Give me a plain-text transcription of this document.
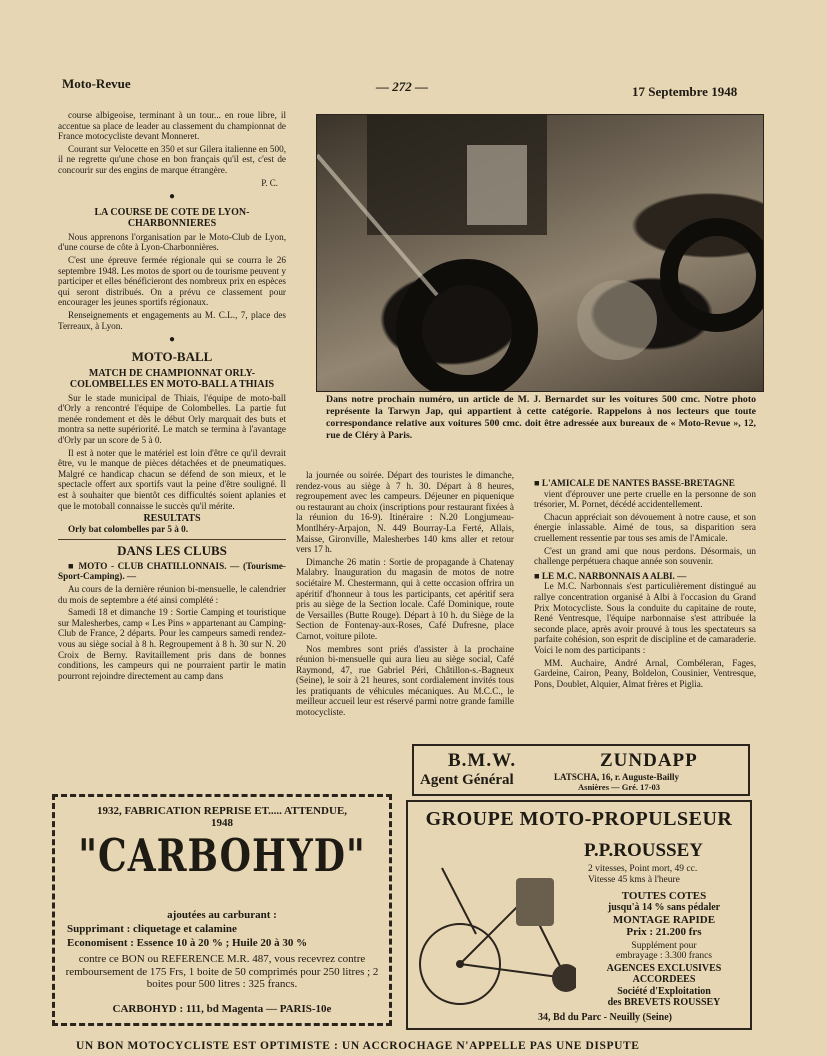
Moto-Revue	— 272 —	17 Septembre 1948

course albigeoise, terminant à un tour... en roue libre, il accentue sa place de leader au classement du championnat de France motocycliste devant Monneret.

Courant sur Velocette en 350 et sur Gilera italienne en 500, il ne regrette qu'une chose en bon français qu'il est, c'est de concourir sur des engins de marque étrangère.

P. C.
●
LA COURSE DE COTE DE LYON-CHARBONNIERES

Nous apprenons l'organisation par le Moto-Club de Lyon, d'une course de côte à Lyon-Charbonnières.

C'est une épreuve fermée régionale qui se courra le 26 septembre 1948. Les motos de sport ou de tourisme peuvent y participer et elles bénéficieront des nombreux prix en espèces qui seront distribués. On a prévu ce classement pour encourager les jeunes sportifs régionaux.

Renseignements et engagements au M. C.L., 7, place des Terreaux, à Lyon.

●
MOTO-BALL
MATCH DE CHAMPIONNAT ORLY-COLOMBELLES EN MOTO-BALL A THIAIS

Sur le stade municipal de Thiais, l'équipe de moto-ball d'Orly a rencontré l'équipe de Colombelles. La partie fut menée rondement et dès le début Orly marquait des buts et montra sa nette supériorité. Le match se termina à l'avantage d'Orly par un score de 5 à 0.

Il est à noter que le matériel est loin d'être ce qu'il devrait être, vu le manque de pièces détachées et de pneumatiques. Malgré ce handicap chacun se défend de son mieux, et le spectacle offert aux sportifs vaut la peine d'être souligné. Il est à souhaiter que bientôt ces difficultés soient aplanies et que le motoball connaisse le succès qu'il mérite.

RESULTATS
Orly bat colombelles par 5 à 0.
DANS LES CLUBS

■ MOTO - CLUB CHATILLONNAIS. — (Tourisme-Sport-Camping). —

Au cours de la dernière réunion bi-mensuelle, le calendrier du mois de septembre a été ainsi complété :

Samedi 18 et dimanche 19 : Sortie Camping et touristique sur Malesherbes, camp « Les Pins » appartenant au Camping-Club de France, 2 départs. Pour les campeurs samedi rendez-vous au siège social à 8 h. Regroupement à 8 h. 30 sur N. 20 Croix de Berny. Ravitaillement pris dans de bonnes conditions, les campeurs qui ne pourraient partir le matin pourront rejoindre directement au camp dans

Dans notre prochain numéro, un article de M. J. Bernardet sur les voitures 500 cmc. Notre photo représente la Tarwyn Jap, qui appartient à cette catégorie. Rappelons à nos lecteurs que toute correspondance relative aux voitures 500 cmc. doit être adressée aux bureaux de « Moto-Revue », 12, rue de Cléry à Paris.

la journée ou soirée. Départ des touristes le dimanche, rendez-vous au siège à 7 h. 30. Départ à 8 heures, regroupement avec les campeurs. Déjeuner en piquenique ou restaurant au choix (inscriptions pour restaurant fixées à la réunion du 16-9). Itinéraire : N.20 Longjumeau-Montlhéry-Arpajon, N. 449 Bourray-La Ferté, Allais, Maisse, Gironville, Malesherbes 140 kms aller et retour vers 17 h.

Dimanche 26 matin : Sortie de propagande à Chatenay Malabry. Inauguration du magasin de motos de notre sociétaire M. Chestermann, qui à cette occasion offrira un apéritif d'honneur à tous les participants, cet apéritif sera pris au siège de la Section locale. Café Dominique, route de Versailles (Butte Rouge). Départ à 10 h. du Siège de la Section de Fontenay-aux-Roses, Café Dufresne, place Carnot, voiture pilote.

Nos membres sont priés d'assister à la prochaine réunion bi-mensuelle qui aura lieu au siège social, Café Raymond, 47, rue Gabriel Péri, Châtillon-s.-Bagneux (Seine), le soir à 21 heures, sont cordialement invités tous les pratiquants de véhicules mécaniques. Au M.C.C., le meilleur accueil leur est réservé parmi notre grande famille motocycliste.

■ L'AMICALE DE NANTES BASSE-BRETAGNE

vient d'éprouver une perte cruelle en la personne de son trésorier, M. Pornet, décédé accidentellement.

Chacun appréciait son dévouement à notre cause, et son énergie inlassable. Aimé de tous, sa disparition sera cruellement ressentie par tous ses amis de l'Amicale.

C'est un grand ami que nous perdons. Désormais, un challenge perpétuera chaque année son souvenir.

■ LE M.C. NARBONNAIS A ALBI. —

Le M.C. Narbonnais s'est particulièrement distingué au rallye concentration organisé à Albi à l'occasion du Grand Prix Motocycliste. Sous la conduite du capitaine de route, René Ventresque, l'équipe narbonnaise s'est attribuée la seconde place, après avoir prouvé à tous les spectateurs sa parfaite cohésion, son esprit de discipline et de camaraderie. Voici le nom des participants :

MM. Auchaire, André Arnal, Combéleran, Fages, Gardeine, Cairon, Peany, Boldelon, Cousinier, Ventresque, Pons, Doublet, Alquier, Almat frères et Piglia.

B.M.W.	ZUNDAPP
Agent Général	LATSCHA, 16, r. Auguste-Bailly
Asnières — Gré. 17-03
1932, FABRICATION REPRISE ET..... ATTENDUE, 1948
"CARBOHYD"
ajoutées au carburant :
Supprimant : cliquetage et calamine
Economisent : Essence 10 à 20 % ; Huile 20 à 30 %
contre ce BON ou REFERENCE M.R. 487, vous recevrez contre remboursement de 175 Frs, 1 boite de 50 comprimés pour 250 litres ; 2 boites pour 500 litres : 325 francs.
CARBOHYD : 111, bd Magenta — PARIS-10e
GROUPE MOTO-PROPULSEUR
P.P.ROUSSEY
2 vitesses, Point mort, 49 cc.
Vitesse 45 kms à l'heure
TOUTES COTES
jusqu'à 14 % sans pédaler
MONTAGE RAPIDE
Prix : 21.200 frs
Supplément pour
embrayage : 3.300 francs
AGENCES EXCLUSIVES
ACCORDEES
Société d'Exploitation
des BREVETS ROUSSEY
34, Bd du Parc - Neuilly (Seine)
UN BON MOTOCYCLISTE EST OPTIMISTE : UN ACCROCHAGE N'APPELLE PAS UNE DISPUTE
